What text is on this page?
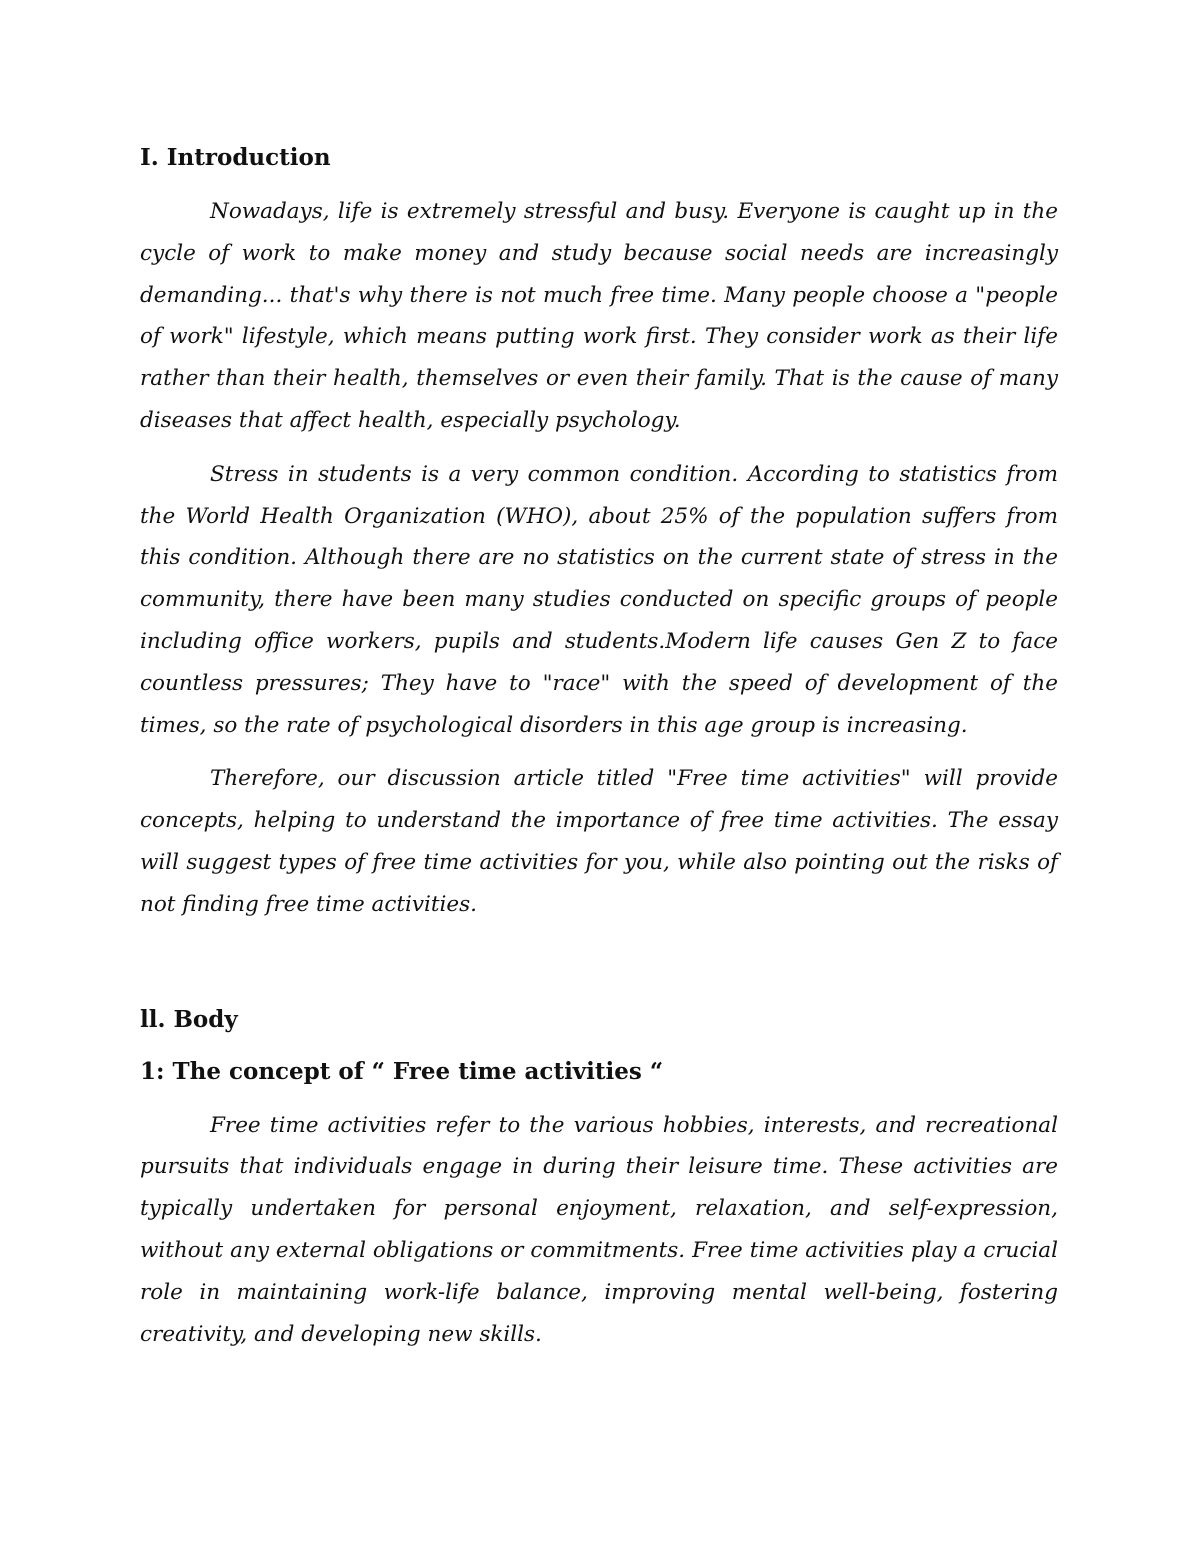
I. Introduction

Nowadays, life is extremely stressful and busy. Everyone is caught up in the cycle of work to make money and study because social needs are increasingly demanding... that's why there is not much free time. Many people choose a "people of work" lifestyle, which means putting work first. They consider work as their life rather than their health, themselves or even their family. That is the cause of many diseases that affect health, especially psychology.

Stress in students is a very common condition. According to statistics from the World Health Organization (WHO), about 25% of the population suffers from this condition. Although there are no statistics on the current state of stress in the community, there have been many studies conducted on specific groups of people including office workers, pupils and students.Modern life causes Gen Z to face countless pressures; They have to "race" with the speed of development of the times, so the rate of psychological disorders in this age group is increasing.

Therefore, our discussion article titled "Free time activities" will provide concepts, helping to understand the importance of free time activities. The essay will suggest types of free time activities for you, while also pointing out the risks of not finding free time activities.

ll. Body
1: The concept of “ Free time activities “

Free time activities refer to the various hobbies, interests, and recreational pursuits that individuals engage in during their leisure time. These activities are typically undertaken for personal enjoyment, relaxation, and self-expression, without any external obligations or commitments. Free time activities play a crucial role in maintaining work-life balance, improving mental well-being, fostering creativity, and developing new skills.
